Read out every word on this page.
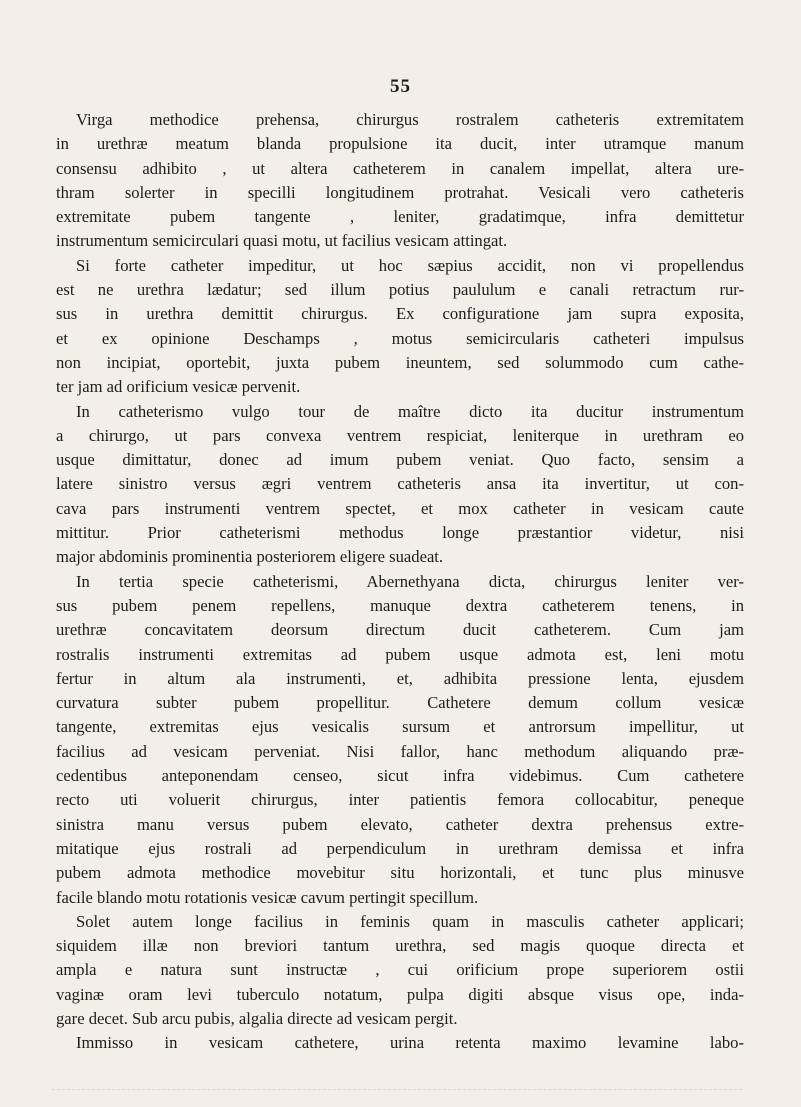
55
Virga methodice prehensa, chirurgus rostralem catheteris extremitatem
in urethræ meatum blanda propulsione ita ducit, inter utramque manum
consensu adhibito , ut altera catheterem in canalem impellat, altera ure-
thram solerter in specilli longitudinem protrahat. Vesicali vero catheteris
extremitate pubem tangente , leniter, gradatimque, infra demittetur
instrumentum semicirculari quasi motu, ut facilius vesicam attingat.
Si forte catheter impeditur, ut hoc sæpius accidit, non vi propellendus
est ne urethra lædatur; sed illum potius paululum e canali retractum rur-
sus in urethra demittit chirurgus. Ex configuratione jam supra exposita,
et ex opinione Deschamps , motus semicircularis catheteri impulsus
non incipiat, oportebit, juxta pubem ineuntem, sed solummodo cum cathe-
ter jam ad orificium vesicæ pervenit.
In catheterismo vulgo tour de maître dicto ita ducitur instrumentum
a chirurgo, ut pars convexa ventrem respiciat, leniterque in urethram eo
usque dimittatur, donec ad imum pubem veniat. Quo facto, sensim a
latere sinistro versus ægri ventrem catheteris ansa ita invertitur, ut con-
cava pars instrumenti ventrem spectet, et mox catheter in vesicam caute
mittitur. Prior catheterismi methodus longe præstantior videtur, nisi
major abdominis prominentia posteriorem eligere suadeat.
In tertia specie catheterismi, Abernethyana dicta, chirurgus leniter ver-
sus pubem penem repellens, manuque dextra catheterem tenens, in
urethræ concavitatem deorsum directum ducit catheterem. Cum jam
rostralis instrumenti extremitas ad pubem usque admota est, leni motu
fertur in altum ala instrumenti, et, adhibita pressione lenta, ejusdem
curvatura subter pubem propellitur. Cathetere demum collum vesicæ
tangente, extremitas ejus vesicalis sursum et antrorsum impellitur, ut
facilius ad vesicam perveniat. Nisi fallor, hanc methodum aliquando præ-
cedentibus anteponendam censeo, sicut infra videbimus. Cum cathetere
recto uti voluerit chirurgus, inter patientis femora collocabitur, peneque
sinistra manu versus pubem elevato, catheter dextra prehensus extre-
mitatique ejus rostrali ad perpendiculum in urethram demissa et infra
pubem admota methodice movebitur situ horizontali, et tunc plus minusve
facile blando motu rotationis vesicæ cavum pertingit specillum.
Solet autem longe facilius in feminis quam in masculis catheter applicari;
siquidem illæ non breviori tantum urethra, sed magis quoque directa et
ampla e natura sunt instructæ , cui orificium prope superiorem ostii
vaginæ oram levi tuberculo notatum, pulpa digiti absque visus ope, inda-
gare decet. Sub arcu pubis, algalia directe ad vesicam pergit.
Immisso in vesicam cathetere, urina retenta maximo levamine labo-
